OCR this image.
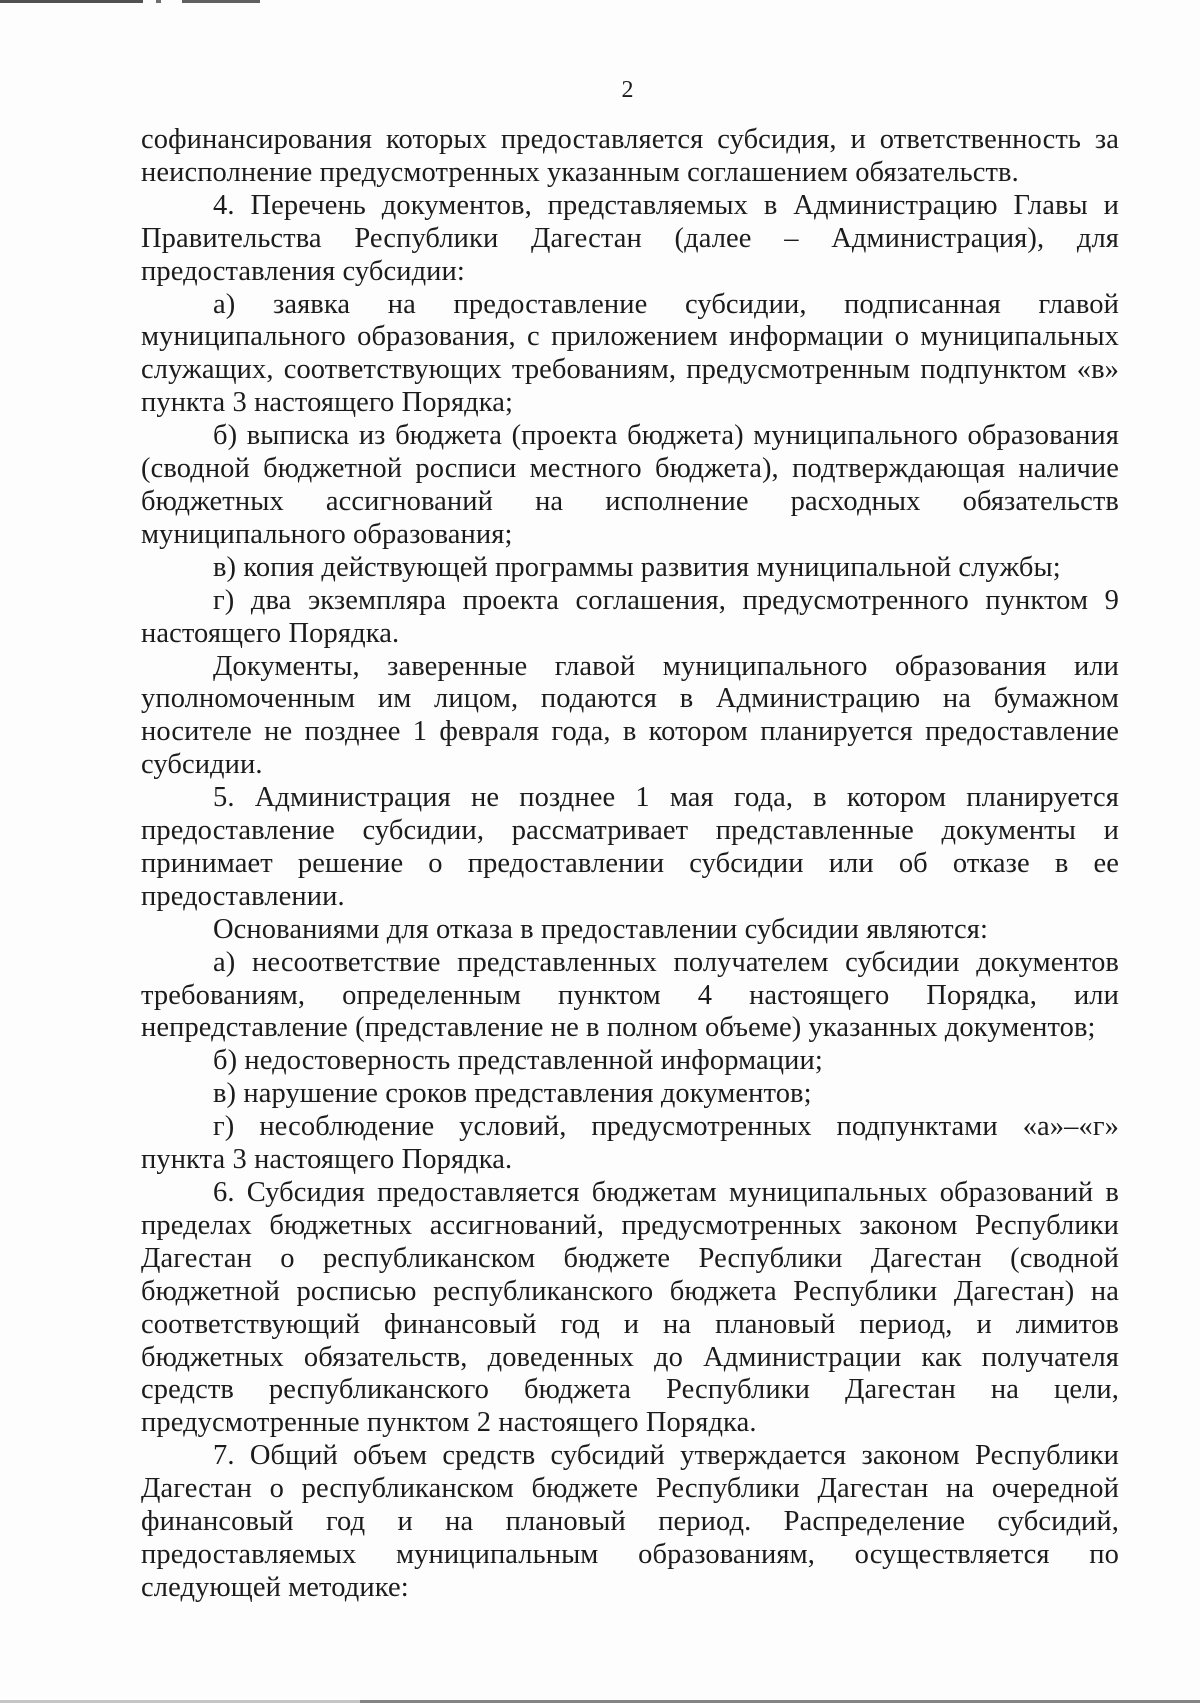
2

софинансирования которых предоставляется субсидия, и ответственность за неисполнение предусмотренных указанным соглашением обязательств.

4. Перечень документов, представляемых в Администрацию Главы и Правительства Республики Дагестан (далее – Администрация), для предоставления субсидии:

а) заявка на предоставление субсидии, подписанная главой муниципального образования, с приложением информации о муниципальных служащих, соответствующих требованиям, предусмотренным подпунктом «в» пункта 3 настоящего Порядка;

б) выписка из бюджета (проекта бюджета) муниципального образования (сводной бюджетной росписи местного бюджета), подтверждающая наличие бюджетных ассигнований на исполнение расходных обязательств муниципального образования;

в) копия действующей программы развития муниципальной службы;

г) два экземпляра проекта соглашения, предусмотренного пунктом 9 настоящего Порядка.

Документы, заверенные главой муниципального образования или уполномоченным им лицом, подаются в Администрацию на бумажном носителе не позднее 1 февраля года, в котором планируется предоставление субсидии.

5. Администрация не позднее 1 мая года, в котором планируется предоставление субсидии, рассматривает представленные документы и принимает решение о предоставлении субсидии или об отказе в ее предоставлении.

Основаниями для отказа в предоставлении субсидии являются:

а) несоответствие представленных получателем субсидии документов требованиям, определенным пунктом 4 настоящего Порядка, или непредставление (представление не в полном объеме) указанных документов;

б) недостоверность представленной информации;

в) нарушение сроков представления документов;

г) несоблюдение условий, предусмотренных подпунктами «а»–«г» пункта 3 настоящего Порядка.

6. Субсидия предоставляется бюджетам муниципальных образований в пределах бюджетных ассигнований, предусмотренных законом Республики Дагестан о республиканском бюджете Республики Дагестан (сводной бюджетной росписью республиканского бюджета Республики Дагестан) на соответствующий финансовый год и на плановый период, и лимитов бюджетных обязательств, доведенных до Администрации как получателя средств республиканского бюджета Республики Дагестан на цели, предусмотренные пунктом 2 настоящего Порядка.

7. Общий объем средств субсидий утверждается законом Республики Дагестан о республиканском бюджете Республики Дагестан на очередной финансовый год и на плановый период. Распределение субсидий, предоставляемых муниципальным образованиям, осуществляется по следующей методике:
